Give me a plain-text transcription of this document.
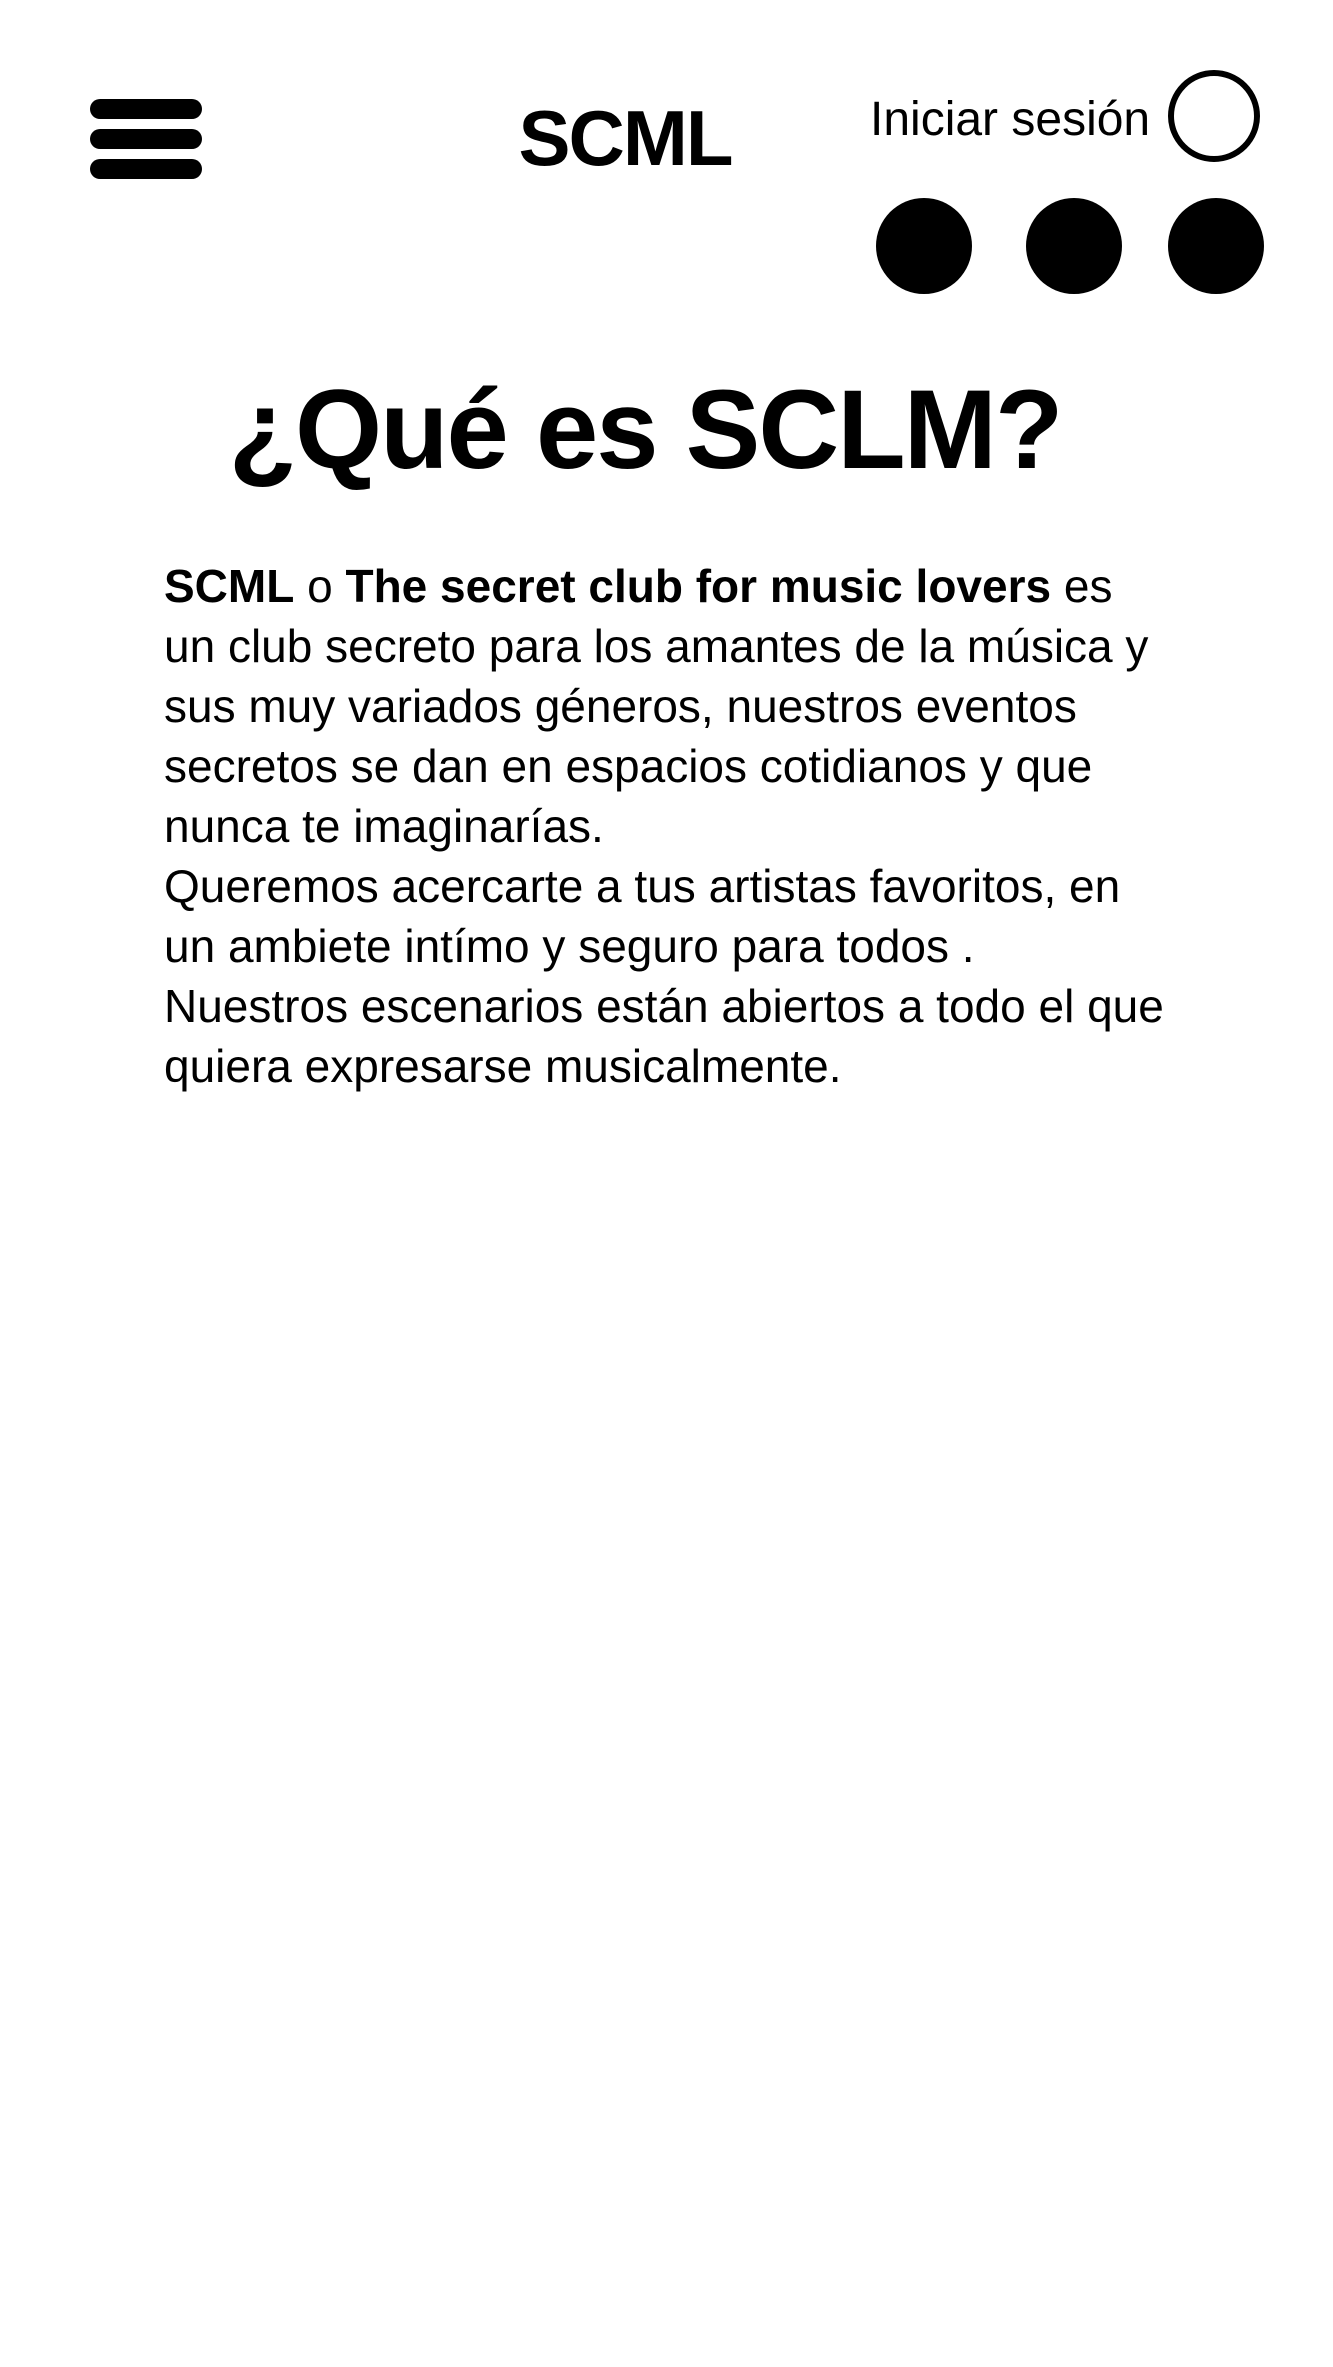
SCML	Iniciar sesión
¿Qué es SCLM?

SCML o The secret club for music lovers es un club secreto para los amantes de la música y sus muy variados géneros, nuestros eventos secretos se dan en espacios cotidianos y que nunca te imaginarías.

Queremos acercarte a tus artistas favoritos, en un ambiete intímo y seguro para todos .

Nuestros escenarios están abiertos a todo el que quiera expresarse musicalmente.
